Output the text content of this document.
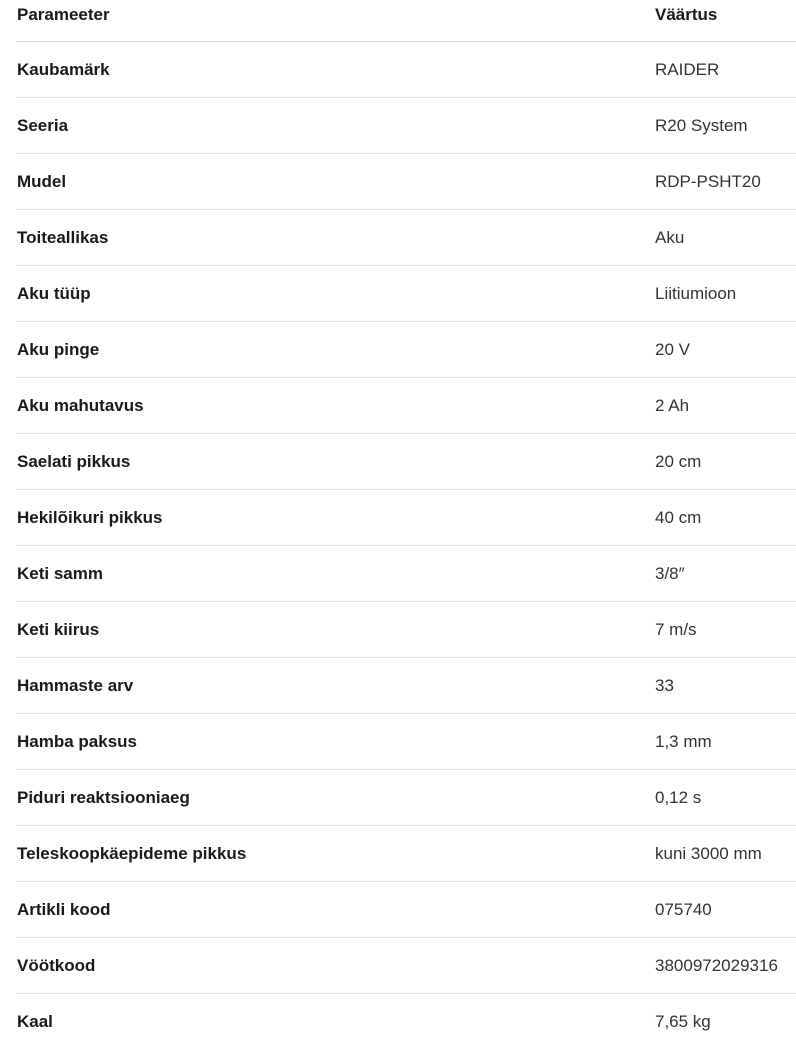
Parameeter	Väärtus
Kaubamärk	RAIDER
Seeria	R20 System
Mudel	RDP-PSHT20
Toiteallikas	Aku
Aku tüüp	Liitiumioon
Aku pinge	20 V
Aku mahutavus	2 Ah
Saelati pikkus	20 cm
Hekilõikuri pikkus	40 cm
Keti samm	3/8″
Keti kiirus	7 m/s
Hammaste arv	33
Hamba paksus	1,3 mm
Piduri reaktsiooniaeg	0,12 s
Teleskoopkäepideme pikkus	kuni 3000 mm
Artikli kood	075740
Vöötkood	3800972029316
Kaal	7,65 kg
